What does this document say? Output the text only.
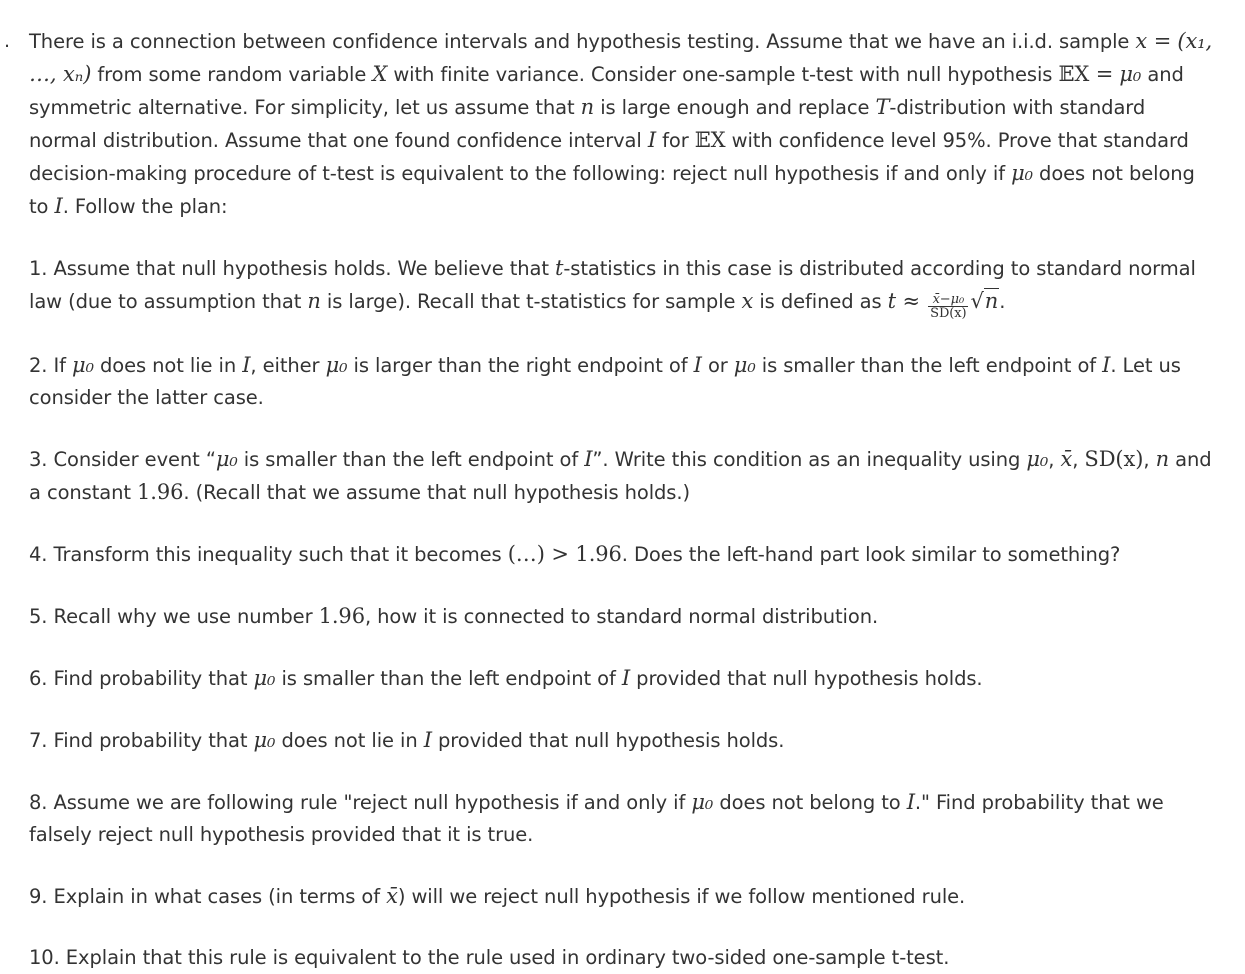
. There is a connection between confidence intervals and hypothesis testing. Assume that we have an i.i.d. sample x = (x₁, …, xₙ) from some random variable X with finite variance. Consider one-sample t-test with null hypothesis 𝔼X = μ₀ and symmetric alternative. For simplicity, let us assume that n is large enough and replace T-distribution with standard normal distribution. Assume that one found confidence interval I for 𝔼X with confidence level 95%. Prove that standard decision-making procedure of t-test is equivalent to the following: reject null hypothesis if and only if μ₀ does not belong to I. Follow the plan:

1. Assume that null hypothesis holds. We believe that t-statistics in this case is distributed according to standard normal law (due to assumption that n is large). Recall that t-statistics for sample x is defined as $t \approx \frac{\text{x̄−μ₀}}{SD(x)} √n$.

2. If μ₀ does not lie in I, either μ₀ is larger than the right endpoint of I or μ₀ is smaller than the left endpoint of I. Let us consider the latter case.

3. Consider event “μ₀ is smaller than the left endpoint of I”. Write this condition as an inequality using μ₀, x̄, SD(x), n and a constant 1.96. (Recall that we assume that null hypothesis holds.)

4. Transform this inequality such that it becomes (…) > 1.96. Does the left-hand part look similar to something?

5. Recall why we use number 1.96, how it is connected to standard normal distribution.

6. Find probability that μ₀ is smaller than the left endpoint of I provided that null hypothesis holds.

7. Find probability that μ₀ does not lie in I provided that null hypothesis holds.

8. Assume we are following rule "reject null hypothesis if and only if μ₀ does not belong to I." Find probability that we falsely reject null hypothesis provided that it is true.

9. Explain in what cases (in terms of x̄) will we reject null hypothesis if we follow mentioned rule.

10. Explain that this rule is equivalent to the rule used in ordinary two-sided one-sample t-test.
